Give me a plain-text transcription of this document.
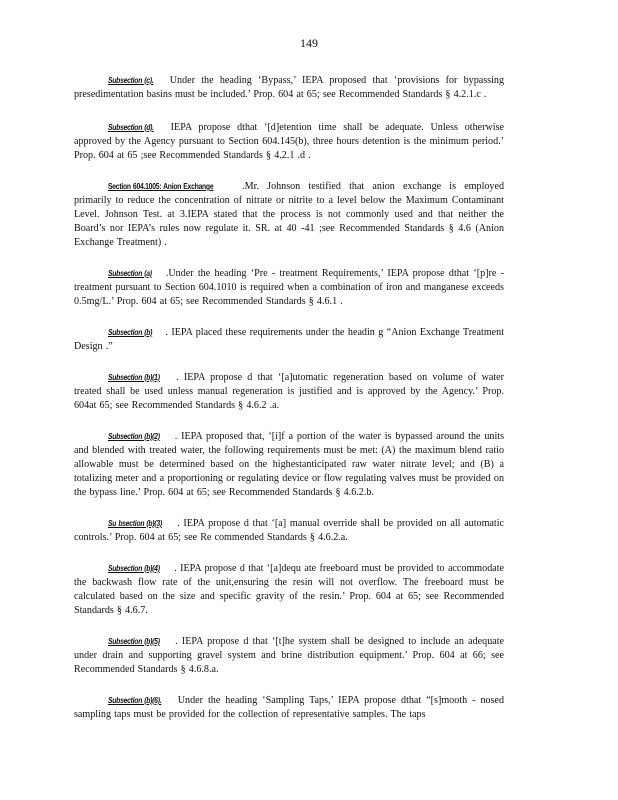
149

Subsection (c). Under the heading ‘Bypass,’ IEPA proposed that ‘provisions for bypassing presedimentation basins must be included.’ Prop. 604 at 65; see Recommended Standards § 4.2.1.c .

Subsection (d). IEPA propose dthat ‘[d]etention time shall be adequate. Unless otherwise approved by the Agency pursuant to Section 604.145(b), three hours detention is the minimum period.’ Prop. 604 at 65 ;see Recommended Standards § 4.2.1 .d .

Section 604.1005: Anion Exchange	.Mr. Johnson testified that anion exchange is employed primarily to reduce the concentration of nitrate or nitrite to a level below the Maximum Contaminant Level. Johnson Test. at 3.IEPA stated that the process is not commonly used and that neither the Board’s nor IEPA’s rules now regulate it. SR. at 40 -41 ;see Recommended Standards § 4.6 (Anion Exchange Treatment) .

Subsection (a) .Under the heading ‘Pre - treatment Requirements,’ IEPA propose dthat ‘[p]re -treatment pursuant to Section 604.1010 is required when a combination of iron and manganese exceeds 0.5mg/L.’ Prop. 604 at 65; see Recommended Standards § 4.6.1 .

Subsection (b) . IEPA placed these requirements under the headin g “Anion Exchange Treatment Design .”

Subsection (b)(1) . IEPA propose d that ‘[a]utomatic regeneration based on volume of water treated shall be used unless manual regeneration is justified and is approved by the Agency.’ Prop. 604at 65; see Recommended Standards § 4.6.2 .a.

Subsection (b)(2) . IEPA proposed that, ‘[i]f a portion of the water is bypassed around the units and blended with treated water, the following requirements must be met: (A) the maximum blend ratio allowable must be determined based on the highestanticipated raw water nitrate level; and (B) a totalizing meter and a proportioning or regulating device or flow regulating valves must be provided on the bypass line.’ Prop. 604 at 65; see Recommended Standards § 4.6.2.b.

Su bsection (b)(3) . IEPA propose d that ‘[a] manual override shall be provided on all automatic controls.’ Prop. 604 at 65; see Re commended Standards § 4.6.2.a.

Subsection (b)(4) . IEPA propose d that ‘[a]dequ ate freeboard must be provided to accommodate the backwash flow rate of the unit,ensuring the resin will not overflow. The freeboard must be calculated based on the size and specific gravity of the resin.’ Prop. 604 at 65; see Recommended Standards § 4.6.7.

Subsection (b)(5) . IEPA propose d that ‘[t]he system shall be designed to include an adequate under drain and supporting gravel system and brine distribution equipment.’ Prop. 604 at 66; see Recommended Standards § 4.6.8.a.

Subsection (b)(6). Under the heading ‘Sampling Taps,’ IEPA propose dthat “[s]mooth - nosed sampling taps must be provided for the collection of representative samples. The taps
